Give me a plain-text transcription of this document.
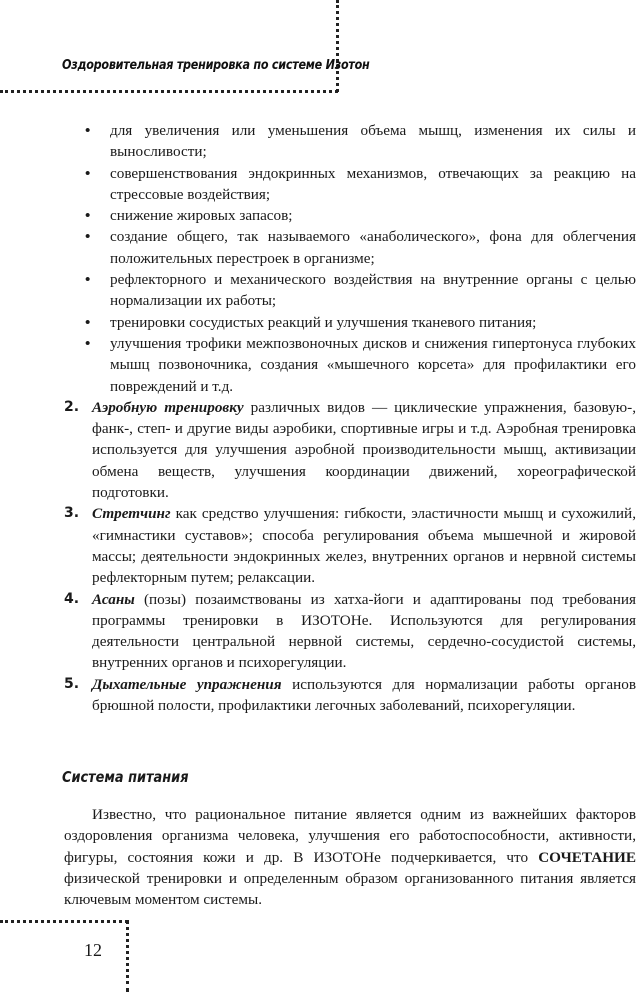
Оздоровительная тренировка по системе Изотон
• для увеличения или уменьшения объема мышц, изменения их силы и выносливости;
• совершенствования эндокринных механизмов, отвечающих за реакцию на стрессовые воздействия;
• снижение жировых запасов;
• создание общего, так называемого «анаболического», фона для облегчения положительных перестроек в организме;
• рефлекторного и механического воздействия на внутренние органы с целью нормализации их работы;
• тренировки сосудистых реакций и улучшения тканевого питания;
• улучшения трофики межпозвоночных дисков и снижения гипертонуса глубоких мышц позвоночника, создания «мышечного корсета» для профилактики его повреждений и т.д.
2. Аэробную тренировку различных видов — циклические упражнения, базовую-, фанк-, степ- и другие виды аэробики, спортивные игры и т.д. Аэробная тренировка используется для улучшения аэробной производительности мышц, активизации обмена веществ, улучшения координации движений, хореографической подготовки.
3. Стретчинг как средство улучшения: гибкости, эластичности мышц и сухожилий, «гимнастики суставов»; способа регулирования объема мышечной и жировой массы; деятельности эндокринных желез, внутренних органов и нервной системы рефлекторным путем; релаксации.
4. Асаны (позы) позаимствованы из хатха-йоги и адаптированы под требования программы тренировки в ИЗОТОНе. Используются для регулирования деятельности центральной нервной системы, сердечно-сосудистой системы, внутренних органов и психорегуляции.
5. Дыхательные упражнения используются для нормализации работы органов брюшной полости, профилактики легочных заболеваний, психорегуляции.
Система питания

Известно, что рациональное питание является одним из важнейших факторов оздоровления организма человека, улучшения его работоспособности, активности, фигуры, состояния кожи и др. В ИЗОТОНе подчеркивается, что СОЧЕТАНИЕ физической тренировки и определенным образом организованного питания является ключевым моментом системы.

12
